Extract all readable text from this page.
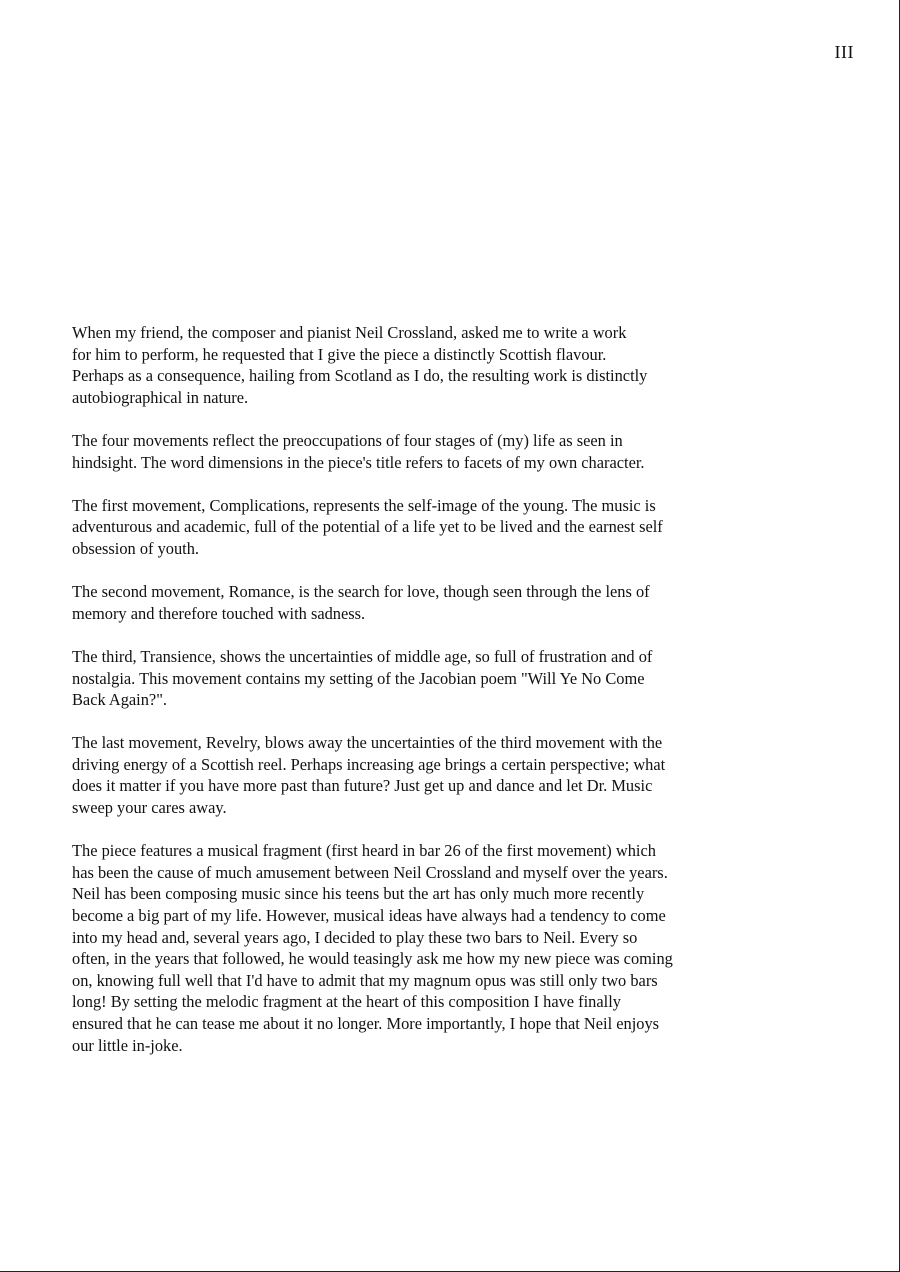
III

When my friend, the composer and pianist Neil Crossland, asked me to write a work
for him to perform, he requested that I give the piece a distinctly Scottish flavour.
Perhaps as a consequence, hailing from Scotland as I do, the resulting work is distinctly
autobiographical in nature.

The four movements reflect the preoccupations of four stages of (my) life as seen in
hindsight. The word dimensions in the piece's title refers to facets of my own character.

The first movement, Complications, represents the self-image of the young. The music is
adventurous and academic, full of the potential of a life yet to be lived and the earnest self
obsession of youth.

The second movement, Romance, is the search for love, though seen through the lens of
memory and therefore touched with sadness.

The third, Transience, shows the uncertainties of middle age, so full of frustration and of
nostalgia. This movement contains my setting of the Jacobian poem "Will Ye No Come
Back Again?".

The last movement, Revelry, blows away the uncertainties of the third movement with the
driving energy of a Scottish reel. Perhaps increasing age brings a certain perspective; what
does it matter if you have more past than future? Just get up and dance and let Dr. Music
sweep your cares away.

The piece features a musical fragment (first heard in bar 26 of the first movement) which
has been the cause of much amusement between Neil Crossland and myself over the years.
Neil has been composing music since his teens but the art has only much more recently
become a big part of my life. However, musical ideas have always had a tendency to come
into my head and, several years ago, I decided to play these two bars to Neil. Every so
often, in the years that followed, he would teasingly ask me how my new piece was coming
on, knowing full well that I'd have to admit that my magnum opus was still only two bars
long! By setting the melodic fragment at the heart of this composition I have finally
ensured that he can tease me about it no longer. More importantly, I hope that Neil enjoys
our little in-joke.
